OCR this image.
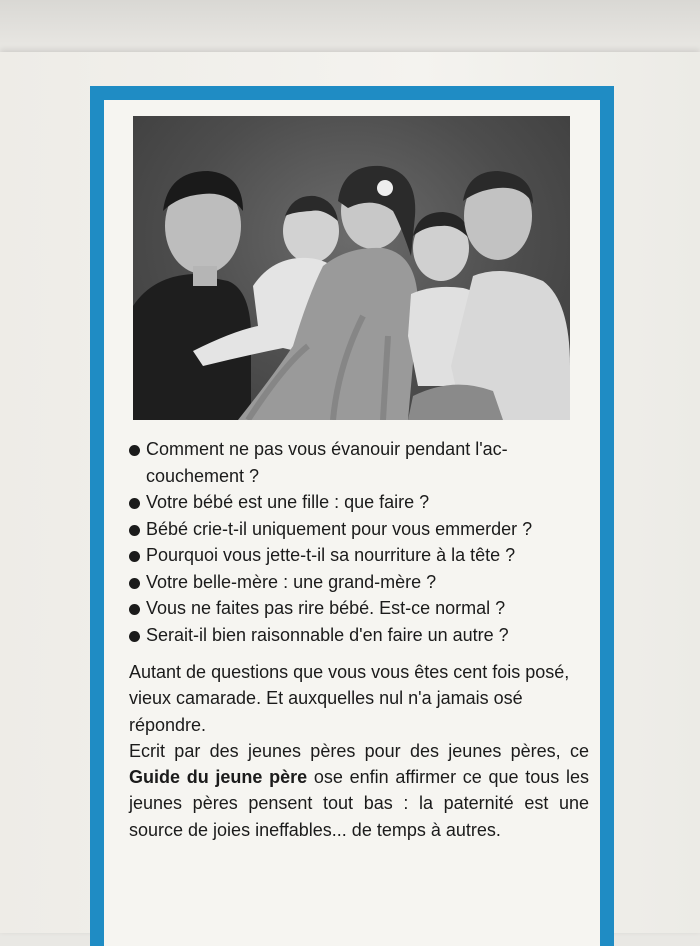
Comment ne pas vous évanouir pendant l'ac-
couchement ?
Votre bébé est une fille : que faire ?
Bébé crie-t-il uniquement pour vous emmerder ?
Pourquoi vous jette-t-il sa nourriture à la tête ?
Votre belle-mère : une grand-mère ?
Vous ne faites pas rire bébé. Est-ce normal ?
Serait-il bien raisonnable d'en faire un autre ?

Autant de questions que vous vous êtes cent fois posé, vieux camarade. Et auxquelles nul n'a jamais osé répondre.

Ecrit par des jeunes pères pour des jeunes pères, ce Guide du jeune père ose enfin affirmer ce que tous les jeunes pères pensent tout bas : la paternité est une source de joies ineffables... de temps à autres.
